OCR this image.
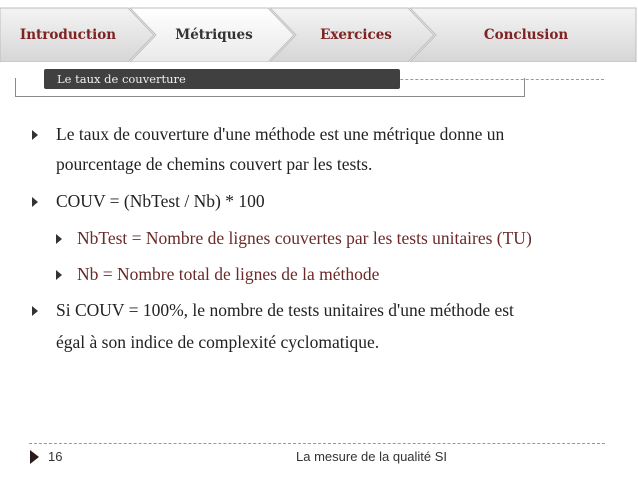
Introduction	Métriques	Exercices	Conclusion
Le taux de couverture
Le taux de couverture d'une méthode est une métrique donne un
pourcentage de chemins couvert par les tests.
COUV = (NbTest / Nb) * 100
NbTest = Nombre de lignes couvertes par les tests unitaires (TU)
Nb = Nombre total de lignes de la méthode
Si COUV = 100%, le nombre de tests unitaires d'une méthode est
égal à son indice de complexité cyclomatique.
16	La mesure de la qualité SI
